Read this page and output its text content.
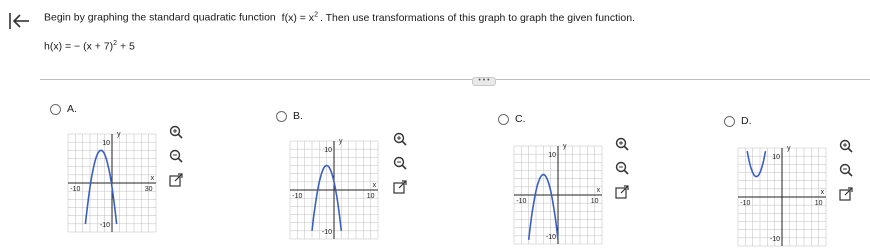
Begin by graphing the standard quadratic function $f(x) = x^2$ . Then use transformations of this graph to graph the given function.
h(x) = − $(x + 7)^2 + 5$
• • •
A.
y
x
10
-10
-10	30
B.
y
x
10
-10
-10	10
C.
y
x
10
-10
-10	10
D.
y
x
10
-10
-10	10
